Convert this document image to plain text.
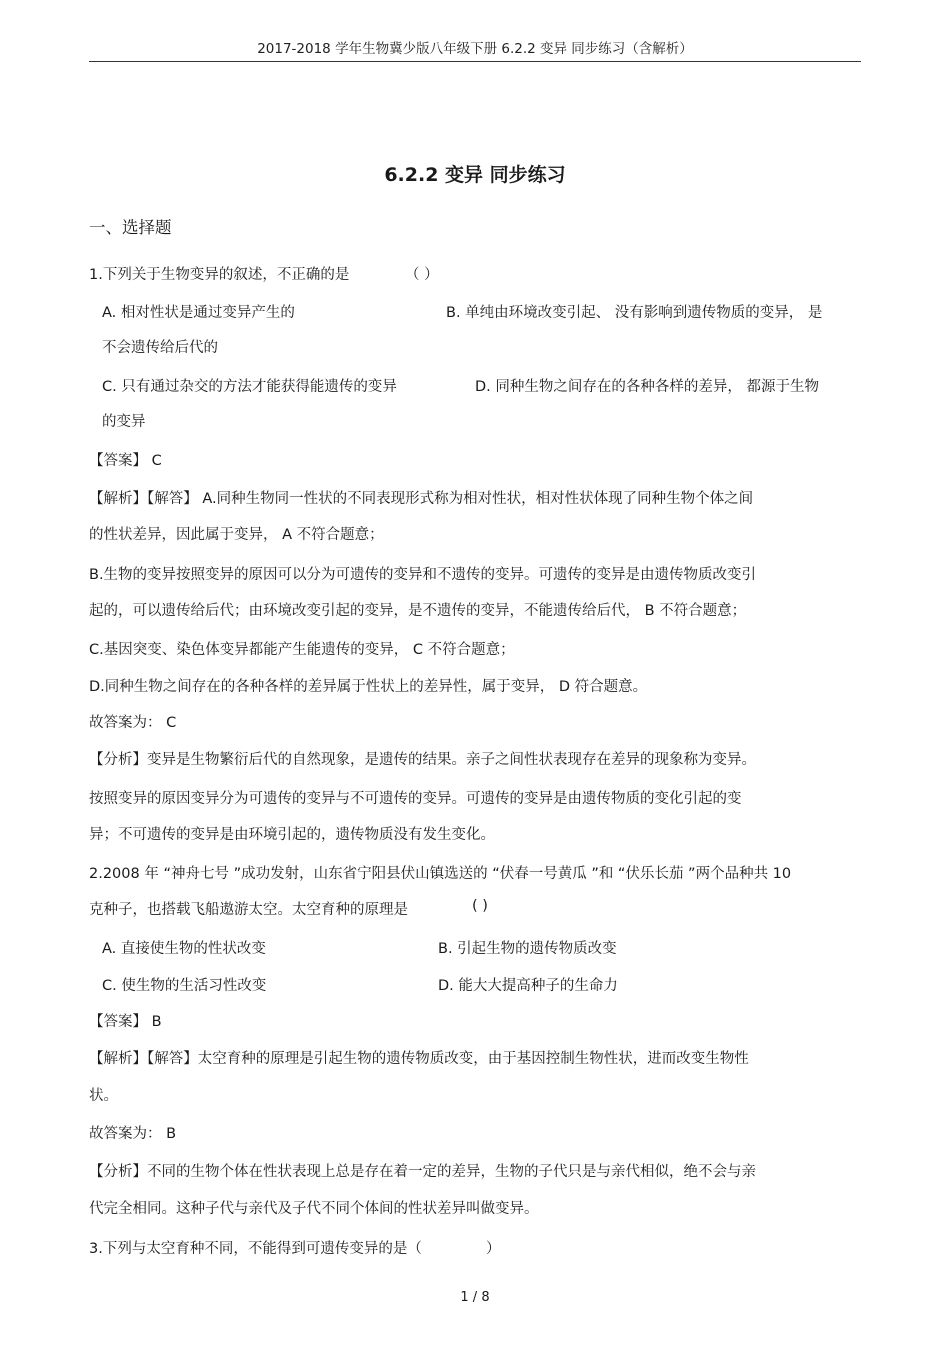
2017-2018 学年生物冀少版八年级下册 6.2.2 变异 同步练习（含解析）
6.2.2 变异 同步练习
一、选择题
1.下列关于生物变异的叙述，不正确的是	（ ）
A. 相对性状是通过变异产生的	B. 单纯由环境改变引起、 没有影响到遗传物质的变异， 是
不会遗传给后代的
C. 只有通过杂交的方法才能获得能遗传的变异	D. 同种生物之间存在的各种各样的差异， 都源于生物
的变异
【答案】 C
【解析】【解答】 A.同种生物同一性状的不同表现形式称为相对性状，相对性状体现了同种生物个体之间
的性状差异，因此属于变异， A 不符合题意；
B.生物的变异按照变异的原因可以分为可遗传的变异和不遗传的变异。可遗传的变异是由遗传物质改变引
起的，可以遗传给后代；由环境改变引起的变异，是不遗传的变异，不能遗传给后代， B 不符合题意；
C.基因突变、染色体变异都能产生能遗传的变异， C 不符合题意；
D.同种生物之间存在的各种各样的差异属于性状上的差异性，属于变异， D 符合题意。
故答案为： C
【分析】变异是生物繁衍后代的自然现象，是遗传的结果。亲子之间性状表现存在差异的现象称为变异。
按照变异的原因变异分为可遗传的变异与不可遗传的变异。可遗传的变异是由遗传物质的变化引起的变
异；不可遗传的变异是由环境引起的，遗传物质没有发生变化。
2.2008 年 “神舟七号 ”成功发射，山东省宁阳县伏山镇选送的 “伏春一号黄瓜 ”和 “伏乐长茄 ”两个品种共 10
克种子，也搭载飞船遨游太空。太空育种的原理是	( )
A. 直接使生物的性状改变	B. 引起生物的遗传物质改变
C. 使生物的生活习性改变	D. 能大大提高种子的生命力
【答案】 B
【解析】【解答】太空育种的原理是引起生物的遗传物质改变，由于基因控制生物性状，进而改变生物性
状。
故答案为： B
【分析】不同的生物个体在性状表现上总是存在着一定的差异，生物的子代只是与亲代相似，绝不会与亲
代完全相同。这种子代与亲代及子代不同个体间的性状差异叫做变异。
3.下列与太空育种不同，不能得到可遗传变异的是（	）
1 / 8
